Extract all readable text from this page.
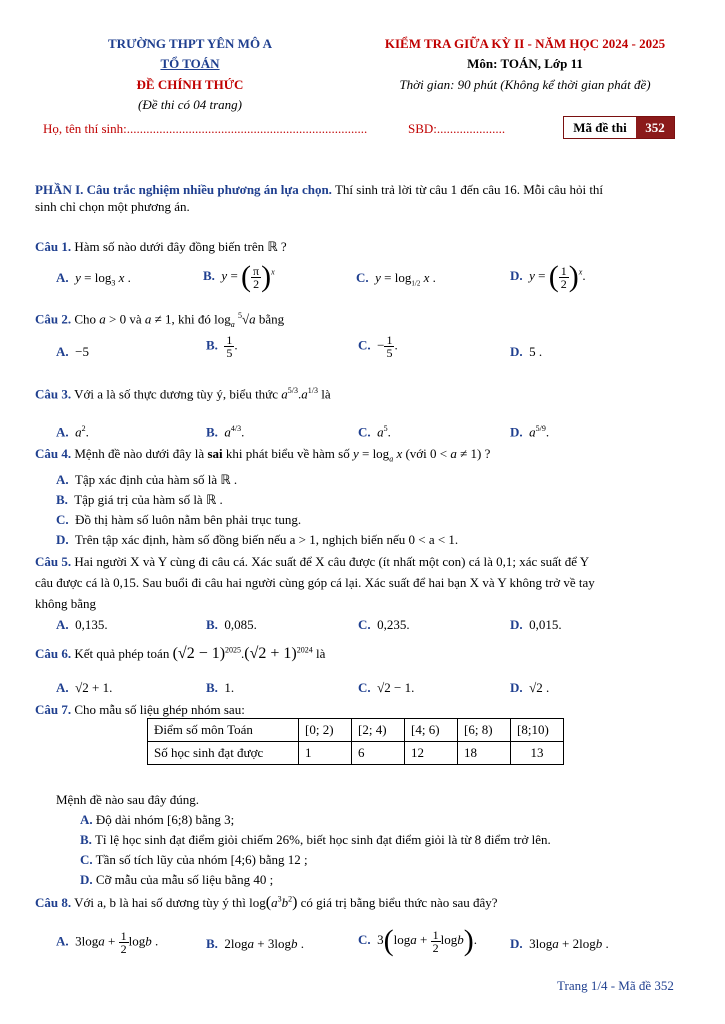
TRƯỜNG THPT YÊN MÔ A
TỔ TOÁN
ĐỀ CHÍNH THỨC
(Đề thi có 04 trang)
KIỂM TRA GIỮA KỲ II - NĂM HỌC 2024 - 2025
Môn: TOÁN, Lớp 11
Thời gian: 90 phút (Không kể thời gian phát đề)
Họ, tên thí sinh:..........................................................................	SBD:.....................	Mã đề thi	352
PHẦN I. Câu trắc nghiệm nhiều phương án lựa chọn. Thí sinh trả lời từ câu 1 đến câu 16. Mỗi câu hỏi thí
sinh chỉ chọn một phương án.
Câu 1. Hàm số nào dưới đây đồng biến trên ℝ ?
A. $y = \log_3 x$ .	B. y = ( $\frac{\pi}{2} )^x$	C. $y = \log_{1/2} x$ .	D. y = ( $\frac{1}{2} )^x$.
Câu 2. Cho a > 0 và a ≠ 1, khi đó $\log_a ^5√a$ bằng
A.  −5	B. $\frac{1}{5}$ .	C.  − $\frac{1}{5}$ .	D.  5 .
Câu 3. Với a là số thực dương tùy ý, biểu thức $a^{5/3}.a^{1/3}$ là
A. $a^2$.	B. $a^{4/3}$.	C. $a^5$.	D. $a^{5/9}$.
Câu 4. Mệnh đề nào dưới đây là sai khi phát biểu về hàm số $y = \log_a x$ (với 0 < a ≠ 1) ?
A. Tập xác định của hàm số là ℝ .
B. Tập giá trị của hàm số là ℝ .
C. Đồ thị hàm số luôn nằm bên phải trục tung.
D. Trên tập xác định, hàm số đồng biến nếu a > 1, nghịch biến nếu 0 < a < 1.
Câu 5. Hai người X và Y cùng đi câu cá. Xác suất để X câu được (ít nhất một con) cá là 0,1; xác suất để Y
câu được cá là 0,15. Sau buổi đi câu hai người cùng góp cá lại. Xác suất để hai bạn X và Y không trở về tay
không bằng
A. 0,135.	B. 0,085.	C. 0,235.	D. 0,015.
Câu 6. Kết quả phép toán $(√2 - 1)^{2025}.(√2 + 1)^{2024}$ là
A. √2 + 1.	B. 1.	C. √2 − 1.	D. √2 .
Câu 7. Cho mẫu số liệu ghép nhóm sau:
Điểm số môn Toán	[0; 2)	[2; 4)	[4; 6)	[6; 8)	[8;10)
Số học sinh đạt được	1	6	12	18	13
Mệnh đề nào sau đây đúng.
A. Độ dài nhóm [6;8) bằng 3;
B. Tỉ lệ học sinh đạt điểm giỏi chiếm 26%, biết học sinh đạt điểm giỏi là từ 8 điểm trở lên.
C. Tần số tích lũy của nhóm [4;6) bằng 12 ;
D. Cỡ mẫu của mẫu số liệu bằng 40 ;
Câu 8. Với a, b là hai số dương tùy ý thì $\log(a^3b^2)$ có giá trị bằng biểu thức nào sau đây?
A.  $3\log a + \frac{1}{2}$ logb .	B.  2loga + 3logb .	C.  $3(\log a + \frac{1}{2} \log b)$.	D.  3loga + 2logb .
Trang 1/4 - Mã đề 352
